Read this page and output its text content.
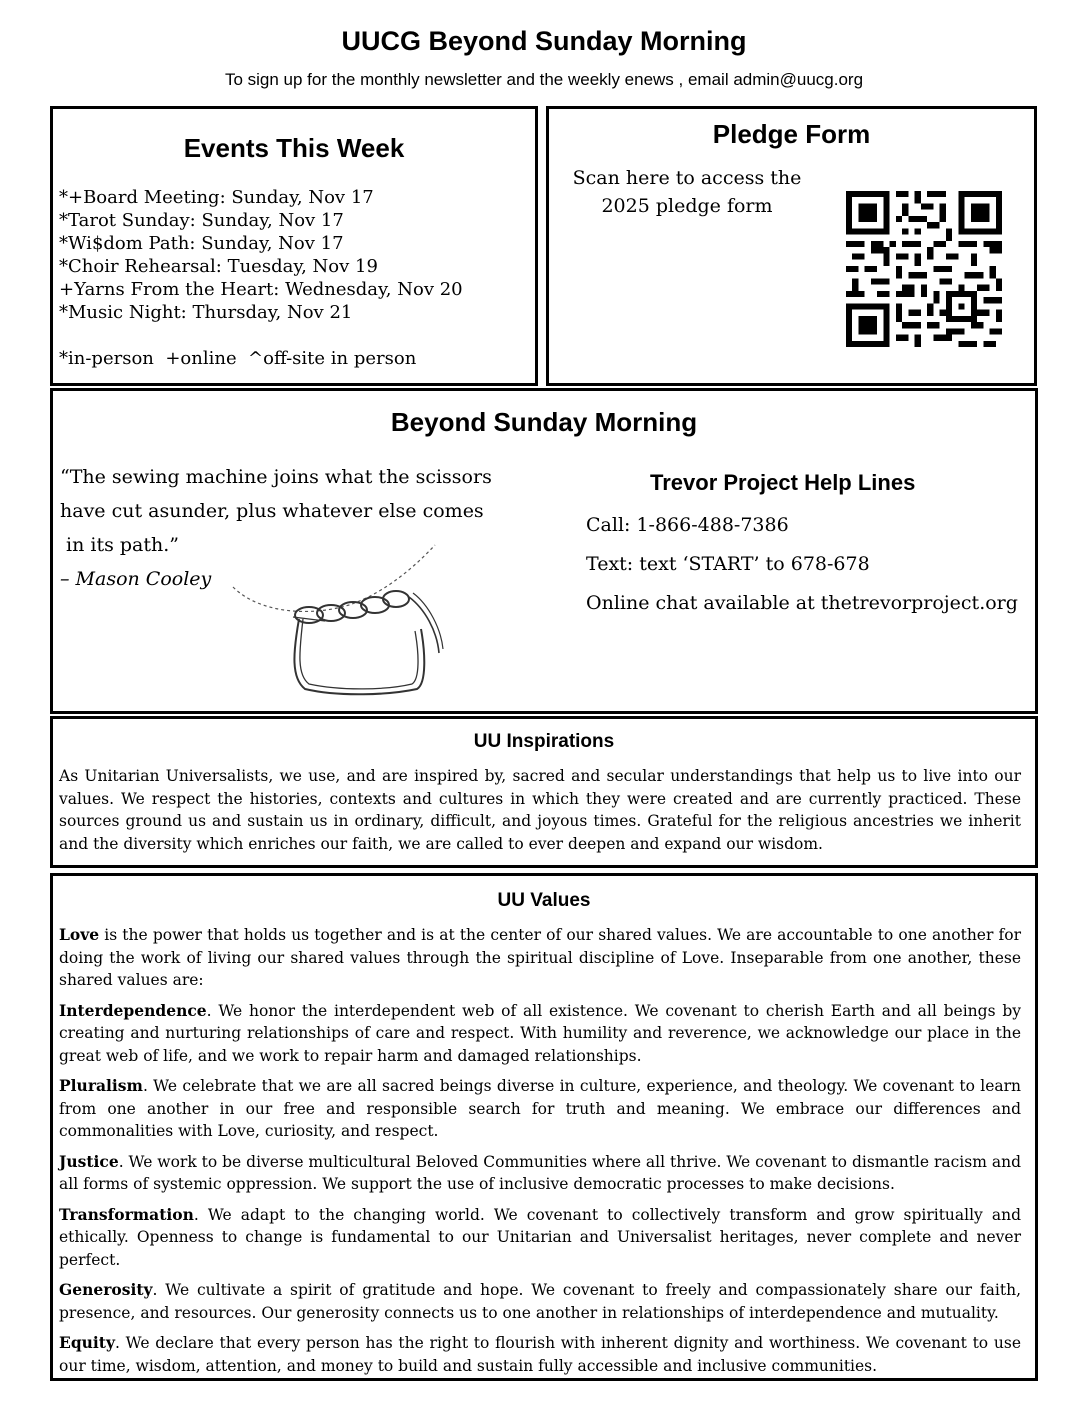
UUCG Beyond Sunday Morning
To sign up for the monthly newsletter and the weekly enews , email admin@uucg.org
Events This Week
*+Board Meeting: Sunday, Nov 17
*Tarot Sunday: Sunday, Nov 17
*Wi$dom Path: Sunday, Nov 17
*Choir Rehearsal: Tuesday, Nov 19
+Yarns From the Heart: Wednesday, Nov 20
*Music Night: Thursday, Nov 21
*in-person  +online  ^off-site in person
Pledge Form
Scan here to access the
2025 pledge form
Beyond Sunday Morning
“The sewing machine joins what the scissors
have cut asunder, plus whatever else comes
in its path.”
– Mason Cooley
Trevor Project Help Lines
Call: 1-866-488-7386
Text: text ‘START’ to 678-678
Online chat available at thetrevorproject.org
UU Inspirations

As Unitarian Universalists, we use, and are inspired by, sacred and secular understandings that help us to live into our values. We respect the histories, contexts and cultures in which they were created and are currently practiced. These sources ground us and sustain us in ordinary, difficult, and joyous times. Grateful for the religious ancestries we inherit and the diversity which enriches our faith, we are called to ever deepen and expand our wisdom.

UU Values

Love is the power that holds us together and is at the center of our shared values. We are accountable to one another for doing the work of living our shared values through the spiritual discipline of Love. Inseparable from one another, these shared values are:

Interdependence. We honor the interdependent web of all existence. We covenant to cherish Earth and all beings by creating and nurturing relationships of care and respect. With humility and reverence, we acknowledge our place in the great web of life, and we work to repair harm and damaged relationships.

Pluralism. We celebrate that we are all sacred beings diverse in culture, experience, and theology. We covenant to learn from one another in our free and responsible search for truth and meaning. We embrace our differences and commonalities with Love, curiosity, and respect.

Justice. We work to be diverse multicultural Beloved Communities where all thrive. We covenant to dismantle racism and all forms of systemic oppression. We support the use of inclusive democratic processes to make decisions.

Transformation. We adapt to the changing world. We covenant to collectively transform and grow spiritually and ethically. Openness to change is fundamental to our Unitarian and Universalist heritages, never complete and never perfect.

Generosity. We cultivate a spirit of gratitude and hope. We covenant to freely and compassionately share our faith, presence, and resources. Our generosity connects us to one another in relationships of interdependence and mutuality.

Equity. We declare that every person has the right to flourish with inherent dignity and worthiness. We covenant to use our time, wisdom, attention, and money to build and sustain fully accessible and inclusive communities.
